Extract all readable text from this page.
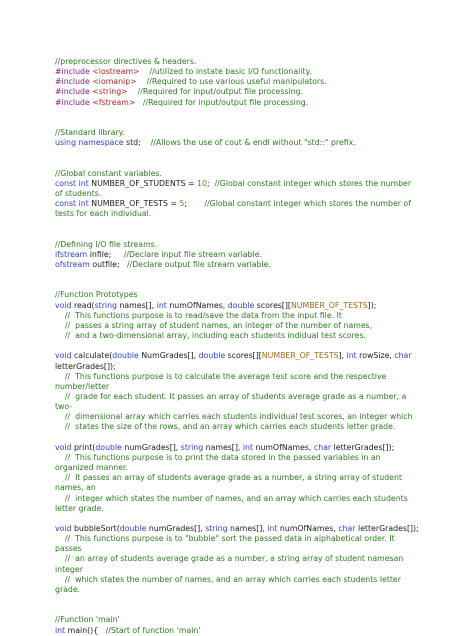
//preprocessor directives & headers.
#include <iostream> //utilized to instate basic I/O functionality.
#include <iomanip> //Required to use various useful manipulators.
#include <string> //Required for input/output file processing.
#include <fstream> //Required for input/output file processing.
//Standard library.
using namespace std;    //Allows the use of cout & endl without "std::" prefix.
//Global constant variables.
const int NUMBER_OF_STUDENTS = 10;  //Global constant integer which stores the number
of students.
const int NUMBER_OF_TESTS = 5;       //Global constant integer which stores the number of
tests for each individual.
//Defining I/O file streams.
ifstream infile;     //Declare input file stream variable.
ofstream outfile;   //Declare output file stream variable.
//Function Prototypes
void read(string names[], int numOfNames, double scores[][NUMBER_OF_TESTS]);
//  This functions purpose is to read/save the data from the input file. It
//  passes a string array of student names, an integer of the number of names,
//  and a two-dimensional array, including each students indidual test scores.
void calculate(double NumGrades[], double scores[][NUMBER_OF_TESTS], int rowSize, char
letterGrades[]);
//  This functions purpose is to calculate the average test score and the respective
number/letter
//  grade for each student. It passes an array of students average grade as a number, a
two-
//  dimensional array which carries each students individual test scores, an integer which
//  states the size of the rows, and an array which carries each students letter grade.
void print(double numGrades[], string names[], int numOfNames, char letterGrades[]);
//  This functions purpose is to print the data stored in the passed variables in an
organized manner.
//  It passes an array of students average grade as a number, a string array of student
names, an
//  integer which states the number of names, and an array which carries each students
letter grade.
void bubbleSort(double numGrades[], string names[], int numOfNames, char letterGrades[]);
//  This functions purpose is to "bubble" sort the passed data in alphabetical order. It
passes
//  an array of students average grade as a number, a string array of student namesan
integer
//  which states the number of names, and an array which carries each students letter
grade.
//Function 'main'
int main(){   //Start of function 'main'
